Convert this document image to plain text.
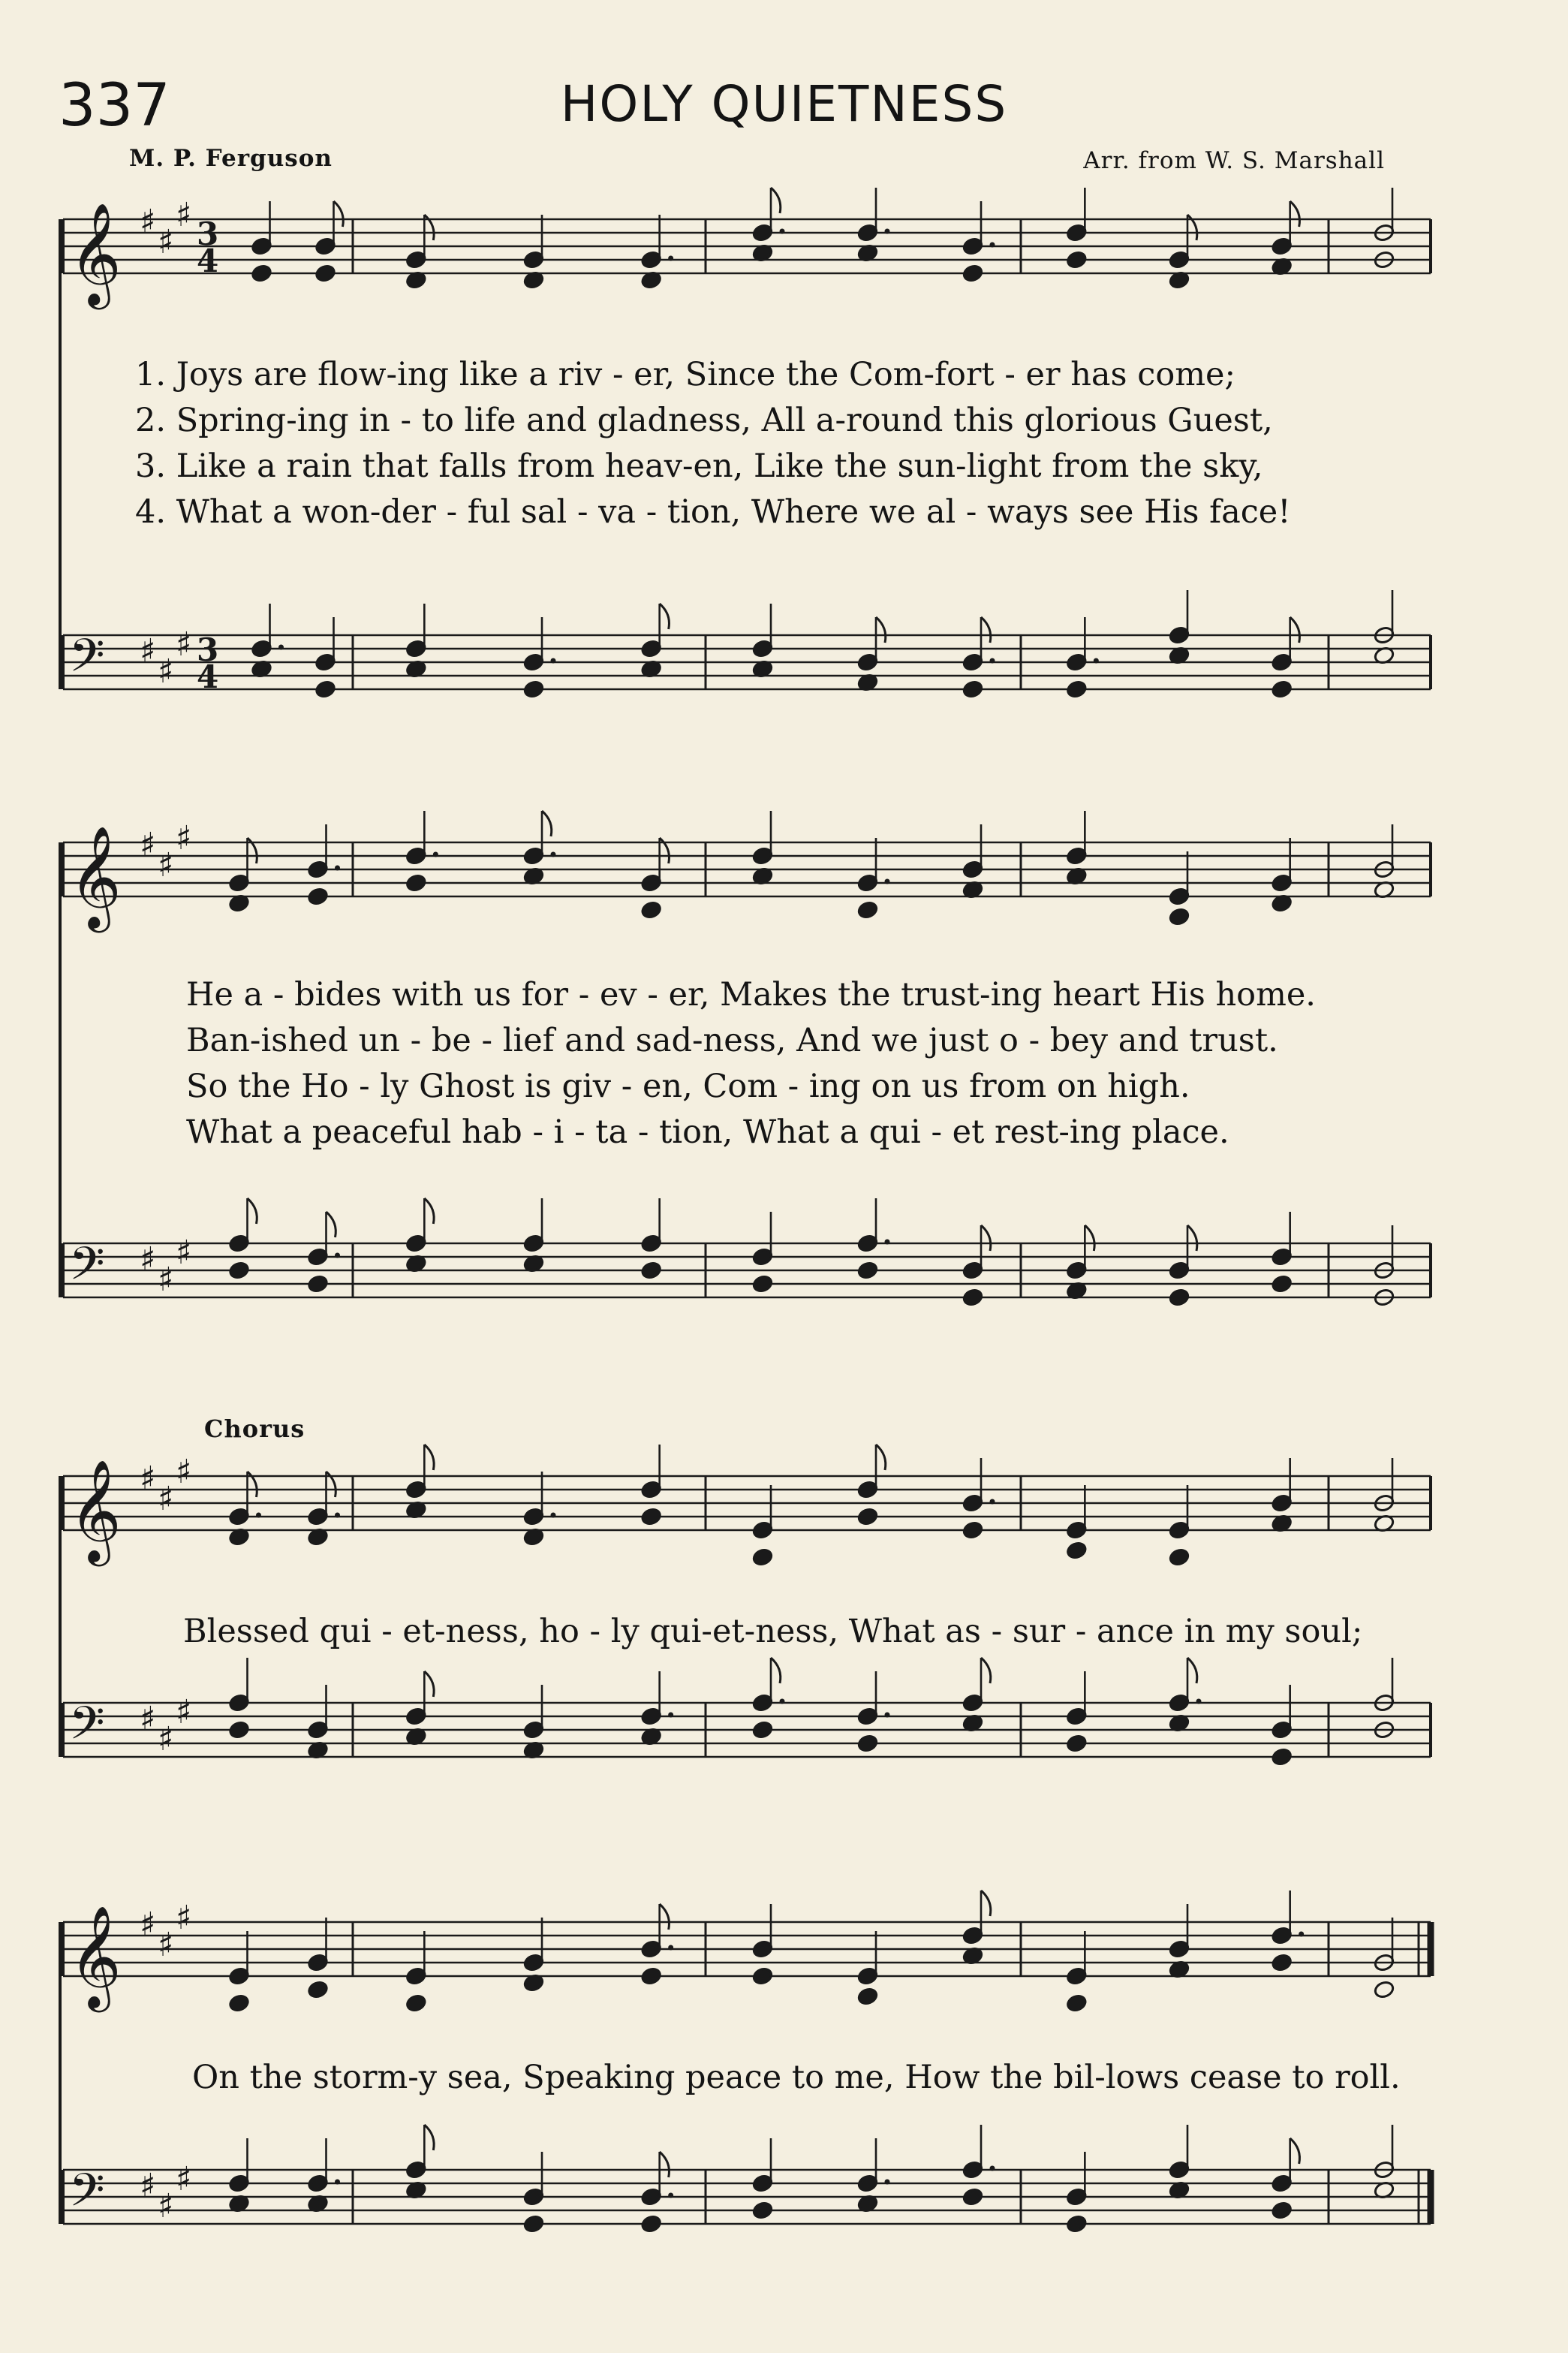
337	HOLY QUIETNESS
M. P. Ferguson	Arr. from W. S. Marshall
𝄞 ♯
♯
♯ 3
4
𝄢 ♯
♯
♯ 3
4
𝄞 ♯
♯
♯
𝄢 ♯
♯
♯
𝄞 ♯
♯
♯
𝄢 ♯
♯
♯
𝄞 ♯
♯
♯
𝄢 ♯
♯
♯
1. Joys are flow-ing like a riv - er, Since the Com-fort - er has come;
2. Spring-ing in - to life and gladness, All a-round this glorious Guest,
3. Like a rain that falls from heav-en, Like the sun-light from the sky,
4. What a won-der - ful sal - va - tion, Where we al - ways see His face!
He a - bides with us for - ev - er, Makes the trust-ing heart His home.
Ban-ished un - be - lief and sad-ness, And we just o - bey and trust.
So the Ho - ly Ghost is giv - en, Com - ing on us from on high.
What a peaceful hab - i - ta - tion, What a qui - et rest-ing place.
Chorus
Blessed qui - et-ness, ho - ly qui-et-ness, What as - sur - ance in my soul;
On the storm-y sea, Speaking peace to me, How the bil-lows cease to roll.
